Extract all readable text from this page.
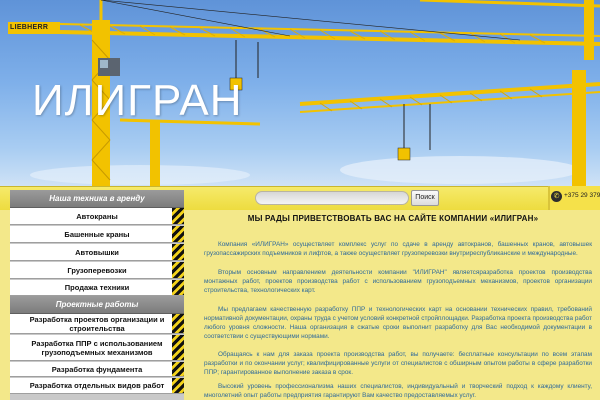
LIEBHERR
ИЛИГРАН
Поиск	✆ +375 29 379
Наша техника в аренду
Автокраны
Башенные краны
Автовышки
Грузоперевозки
Продажа техники
Проектные работы
Разработка проектов организации и строительства
Разработка ППР с использованием грузоподъемных механизмов
Разработка фундамента
Разработка отдельных видов работ
МЫ РАДЫ ПРИВЕТСТВОВАТЬ ВАС НА САЙТЕ КОМПАНИИ «ИЛИГРАН»

Компания «ИЛИГРАН» осуществляет комплекс услуг по сдаче в аренду автокранов, башенных кранов, автовышек грузопассажирских подъемников и лифтов, а также осуществляет грузоперевозки внутриреспубликанские и международные.

Вторым основным направлением деятельности компании "ИЛИГРАН" являетсяразработка проектов производства монтажных работ, проектов производства работ с использованием грузоподъемных механизмов, проектов организации строительства, технологических карт.

Мы предлагаем качественную разработку ППР и технологических карт на основании технических правил, требований нормативной документации, охраны труда с учетом условий конкретной стройплощадки. Разработка проекта производства работ любого уровня сложности. Наша организация в сжатые сроки выполнит разработку для Вас необходимой документации в соответствии с существующими нормами.

Обращаясь к нам для заказа проекта производства работ, вы получаете: бесплатные консультации по всем этапам разработки и по окончании услуг; квалифицированные услуги от специалистов с обширным опытом работы в сфере разработки ППР; гарантированное выполнение заказа в срок.

Высокий уровень профессионализма наших специалистов, индивидуальный и творческий подход к каждому клиенту, многолетний опыт работы предприятия гарантируют Вам качество предоставляемых услуг.
